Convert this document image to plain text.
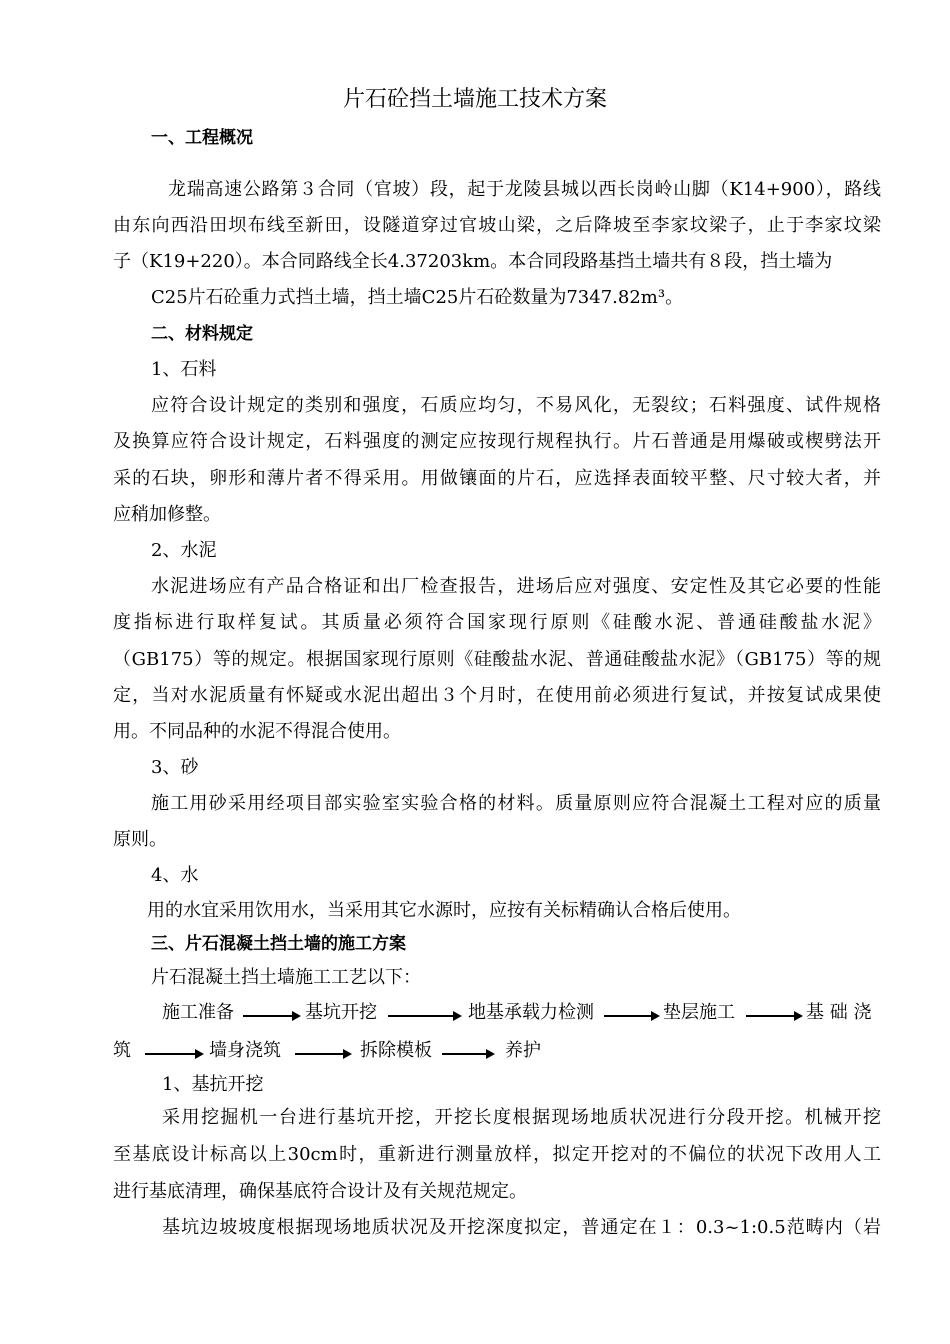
片石砼挡土墙施工技术方案
一、工程概况
龙瑞高速公路第３合同（官坡）段，起于龙陵县城以西长岗岭山脚（K14+900），路线
由东向西沿田坝布线至新田，设隧道穿过官坡山梁，之后降坡至李家坟梁子，止于李家坟梁
子（K19+220）。本合同路线全长4.37203km。本合同段路基挡土墙共有８段，挡土墙为
C25片石砼重力式挡土墙，挡土墙C25片石砼数量为7347.82m³。
二、材料规定
1、石料
应符合设计规定的类别和强度，石质应均匀，不易风化，无裂纹；石料强度、试件规格
及换算应符合设计规定，石料强度的测定应按现行规程执行。片石普通是用爆破或楔劈法开
采的石块，卵形和薄片者不得采用。用做镶面的片石，应选择表面较平整、尺寸较大者，并
应稍加修整。
2、水泥
水泥进场应有产品合格证和出厂检查报告，进场后应对强度、安定性及其它必要的性能
度指标进行取样复试。其质量必须符合国家现行原则《硅酸水泥、普通硅酸盐水泥》
（GB175）等的规定。根据国家现行原则《硅酸盐水泥、普通硅酸盐水泥》（GB175）等的规
定，当对水泥质量有怀疑或水泥出超出３个月时，在使用前必须进行复试，并按复试成果使
用。不同品种的水泥不得混合使用。
3、砂
施工用砂采用经项目部实验室实验合格的材料。质量原则应符合混凝土工程对应的质量
原则。
4、水
用的水宜采用饮用水，当采用其它水源时，应按有关标精确认合格后使用。
三、片石混凝土挡土墙的施工方案
片石混凝土挡土墙施工工艺以下：
施工准备	基坑开挖	地基承载力检测	垫层施工	基 础 浇
筑	墙身浇筑	拆除模板	养护
1、基抗开挖
采用挖掘机一台进行基坑开挖，开挖长度根据现场地质状况进行分段开挖。机械开挖
至基底设计标高以上30cm时，重新进行测量放样，拟定开挖对的不偏位的状况下改用人工
进行基底清理，确保基底符合设计及有关规范规定。
基坑边坡坡度根据现场地质状况及开挖深度拟定，普通定在１：0.3~1:0.5范畴内（岩
